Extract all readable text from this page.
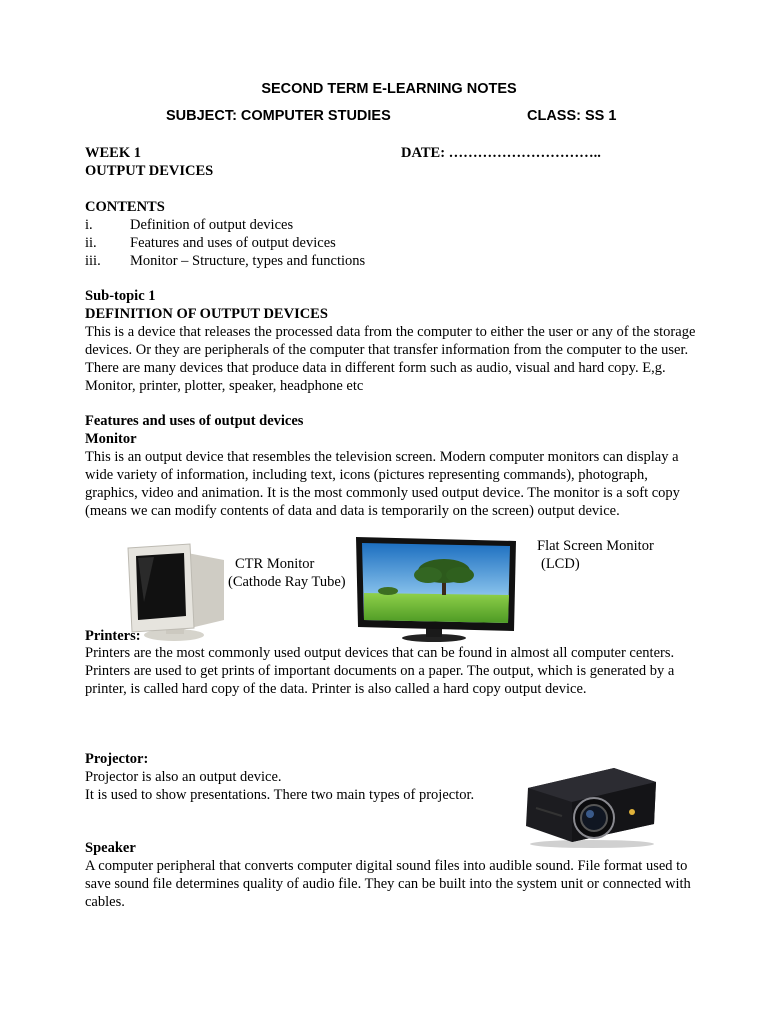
SECOND TERM E-LEARNING NOTES
SUBJECT: COMPUTER STUDIES	CLASS: SS 1
WEEK 1	DATE: …………………………..
OUTPUT DEVICES
CONTENTS
i.	Definition of output devices
ii.	Features and uses of output devices
iii.	Monitor – Structure, types and functions
Sub-topic 1
DEFINITION OF OUTPUT DEVICES

This is a device that releases the processed data from the computer to either the user or any of the storage devices. Or they are peripherals of the computer that transfer information from the computer to the user. There are many devices that produce data in different form such as audio, visual and hard copy. E,g. Monitor, printer, plotter, speaker, headphone etc

Features and uses of output devices
Monitor

This is an output device that resembles the television screen. Modern computer monitors can display a wide variety of information, including text, icons (pictures representing commands), photograph, graphics, video and animation. It is the most commonly used output device. The monitor is a soft copy (means we can modify contents of data and data is temporarily on the screen) output device.

CTR Monitor
(Cathode Ray Tube)
Flat Screen Monitor
(LCD)
Printers:

Printers are the most commonly used output devices that can be found in almost all computer centers. Printers are used to get prints of important documents on a paper. The output, which is generated by a printer, is called hard copy of the data. Printer is also called a hard copy output device.

Projector:
Projector is also an output device.
It is used to show presentations. There two main types of projector.
Speaker

A computer peripheral that converts computer digital sound files into audible sound. File format used to save sound file determines quality of audio file. They can be built into the system unit or connected with cables.
